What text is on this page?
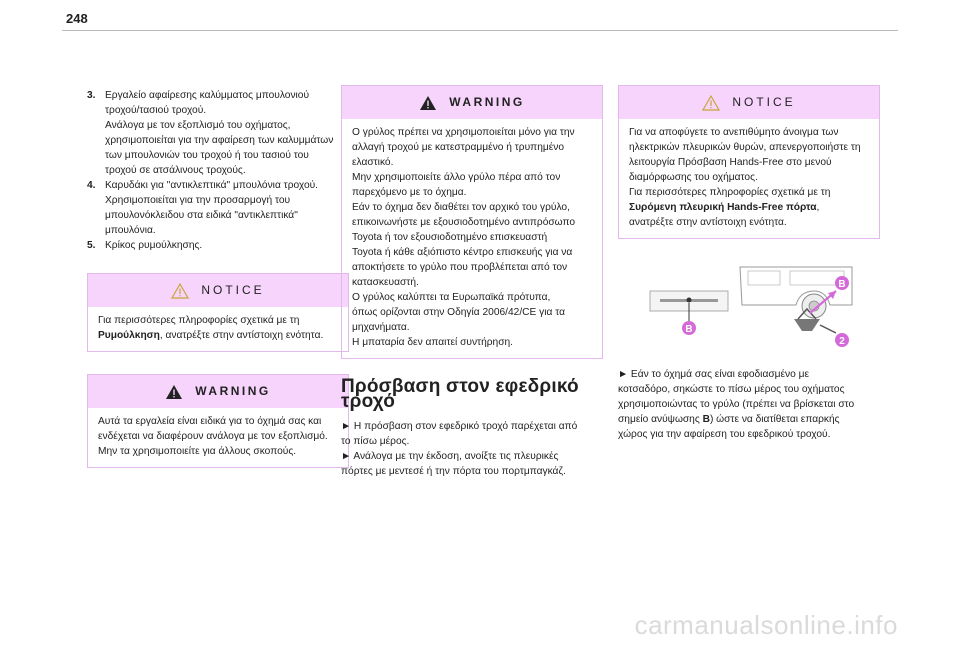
248
3. Εργαλείο αφαίρεσης καλύμματος μπουλονιού
τροχού/τασιού τροχού.
Ανάλογα με τον εξοπλισμό του οχήματος,
χρησιμοποιείται για την αφαίρεση των καλυμμάτων
των μπουλονιών του τροχού ή του τασιού του
τροχού σε ατσάλινους τροχούς.
4. Καρυδάκι για "αντικλεπτικά" μπουλόνια τροχού.
Χρησιμοποιείται για την προσαρμογή του
μπουλονόκλειδου στα ειδικά "αντικλεπτικά"
μπουλόνια.
5. Κρίκος ρυμούλκησης.
NOTICE

Για περισσότερες πληροφορίες σχετικά με τη
Ρυμούλκηση, ανατρέξτε στην αντίστοιχη ενότητα.

WARNING

Αυτά τα εργαλεία είναι ειδικά για το όχημά σας και
ενδέχεται να διαφέρουν ανάλογα με τον εξοπλισμό.
Μην τα χρησιμοποιείτε για άλλους σκοπούς.

WARNING

Ο γρύλος πρέπει να χρησιμοποιείται μόνο για την
αλλαγή τροχού με κατεστραμμένο ή τρυπημένο
ελαστικό.
Μην χρησιμοποιείτε άλλο γρύλο πέρα από τον
παρεχόμενο με το όχημα.
Εάν το όχημα δεν διαθέτει τον αρχικό του γρύλο,
επικοινωνήστε με εξουσιοδοτημένο αντιπρόσωπο
Toyota ή τον εξουσιοδοτημένο επισκευαστή
Toyota ή κάθε αξιόπιστο κέντρο επισκευής για να
αποκτήσετε το γρύλο που προβλέπεται από τον
κατασκευαστή.
Ο γρύλος καλύπτει τα Ευρωπαϊκά πρότυπα,
όπως ορίζονται στην Οδηγία 2006/42/CE για τα
μηχανήματα.
Η μπαταρία δεν απαιτεί συντήρηση.

Πρόσβαση στον εφεδρικό τροχό

► Η πρόσβαση στον εφεδρικό τροχό παρέχεται από
το πίσω μέρος.

► Ανάλογα με την έκδοση, ανοίξτε τις πλευρικές
πόρτες με μεντεσέ ή την πόρτα του πορτμπαγκάζ.

NOTICE

Για να αποφύγετε το ανεπιθύμητο άνοιγμα των
ηλεκτρικών πλευρικών θυρών, απενεργοποιήστε τη
λειτουργία Πρόσβαση Hands-Free στο μενού
διαμόρφωσης του οχήματος.
Για περισσότερες πληροφορίες σχετικά με τη
Συρόμενη πλευρική Hands-Free πόρτα,
ανατρέξτε στην αντίστοιχη ενότητα.

B
B
2

► Εάν το όχημά σας είναι εφοδιασμένο με
κοτσαδόρο, σηκώστε το πίσω μέρος του οχήματος
χρησιμοποιώντας το γρύλο (πρέπει να βρίσκεται στο
σημείο ανύψωσης B) ώστε να διατίθεται επαρκής
χώρος για την αφαίρεση του εφεδρικού τροχού.

carmanualsonline.info
